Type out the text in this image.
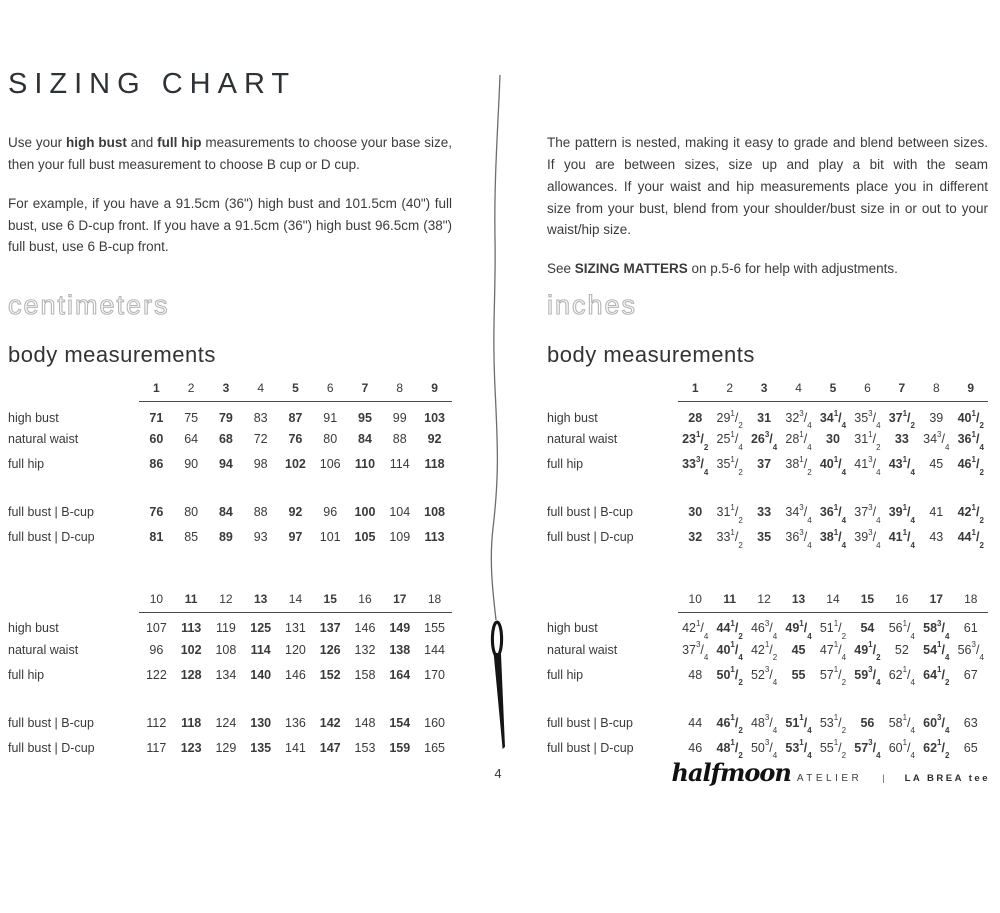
SIZING CHART

Use your high bust and full hip measurements to choose your base size, then your full bust measurement to choose B cup or D cup.

For example, if you have a 91.5cm (36") high bust and 101.5cm (40") full bust, use 6 D-cup front. If you have a 91.5cm (36") high bust 96.5cm (38") full bust, use 6 B-cup front.

centimeters
body measurements
	1	2	3	4	5	6	7	8	9
high bust	71	75	79	83	87	91	95	99	103
natural waist	60	64	68	72	76	80	84	88	92
full hip	86	90	94	98	102	106	110	114	118

full bust | B-cup	76	80	84	88	92	96	100	104	108
full bust | D-cup	81	85	89	93	97	101	105	109	113
	10	11	12	13	14	15	16	17	18
high bust	107	113	119	125	131	137	146	149	155
natural waist	96	102	108	114	120	126	132	138	144
full hip	122	128	134	140	146	152	158	164	170

full bust | B-cup	112	118	124	130	136	142	148	154	160
full bust | D-cup	117	123	129	135	141	147	153	159	165

The pattern is nested, making it easy to grade and blend between sizes. If you are between sizes, size up and play a bit with the seam allowances. If your waist and hip measurements place you in different size from your bust, blend from your shoulder/bust size in or out to your waist/hip size.

See SIZING MATTERS on p.5-6 for help with adjustments.

inches
body measurements
	1	2	3	4	5	6	7	8	9
high bust	28	$29^1/_2$	31	$32^3/_4$	$34^1/_4$	$35^3/_4$	$37^1/_2$	39	$40^1/_2$
natural waist	$23^1/_2$	$25^1/_4$	$26^3/_4$	$28^1/_4$	30	$31^1/_2$	33	$34^3/_4$	$36^1/_4$
full hip	$33^3/_4$	$35^1/_2$	37	$38^1/_2$	$40^1/_4$	$41^3/_4$	$43^1/_4$	45	$46^1/_2$

full bust | B-cup	30	$31^1/_2$	33	$34^3/_4$	$36^1/_4$	$37^3/_4$	$39^1/_4$	41	$42^1/_2$
full bust | D-cup	32	$33^1/_2$	35	$36^3/_4$	$38^1/_4$	$39^3/_4$	$41^1/_4$	43	$44^1/_2$
	10	11	12	13	14	15	16	17	18
high bust	$42^1/_4$	$44^1/_2$	$46^3/_4$	$49^1/_4$	$51^1/_2$	54	$56^1/_4$	$58^3/_4$	61
natural waist	$37^3/_4$	$40^1/_4$	$42^1/_2$	45	$47^1/_4$	$49^1/_2$	52	$54^1/_4$	$56^3/_4$
full hip	48	$50^1/_2$	$52^3/_4$	55	$57^1/_2$	$59^3/_4$	$62^1/_4$	$64^1/_2$	67

full bust | B-cup	44	$46^1/_2$	$48^3/_4$	$51^1/_4$	$53^1/_2$	56	$58^1/_4$	$60^3/_4$	63
full bust | D-cup	46	$48^1/_2$	$50^3/_4$	$53^1/_4$	$55^1/_2$	$57^3/_4$	$60^1/_4$	$62^1/_2$	65
4	halfmoon ATELIER | LA BREA tee
